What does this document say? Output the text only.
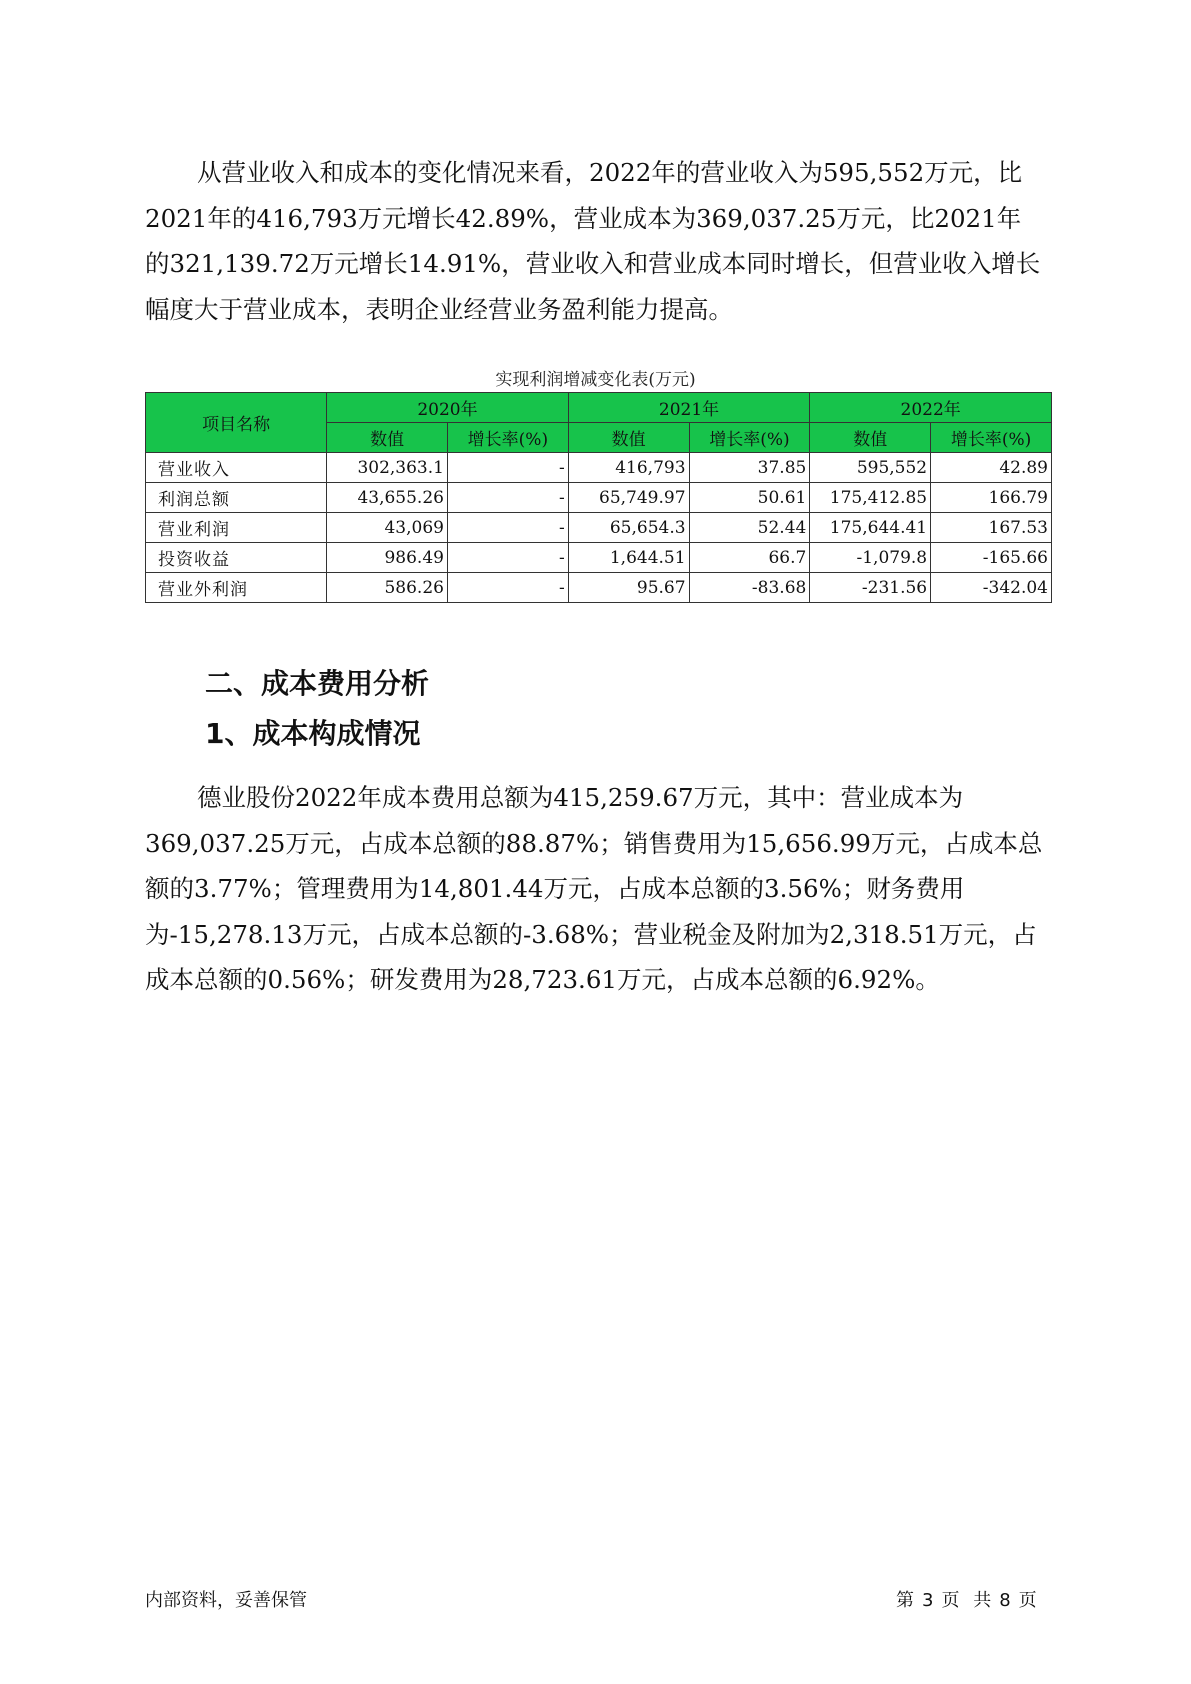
从营业收入和成本的变化情况来看，2022年的营业收入为595,552万元，比2021年的416,793万元增长42.89%，营业成本为369,037.25万元，比2021年的321,139.72万元增长14.91%，营业收入和营业成本同时增长，但营业收入增长幅度大于营业成本，表明企业经营业务盈利能力提高。

实现利润增减变化表(万元)
项目名称	2020年		2021年		2022年	
	数值	增长率(%)	数值	增长率(%)	数值	增长率(%)
营业收入	302,363.1	-	416,793	37.85	595,552	42.89
利润总额	43,655.26	-	65,749.97	50.61	175,412.85	166.79
营业利润	43,069	-	65,654.3	52.44	175,644.41	167.53
投资收益	986.49	-	1,644.51	66.7	-1,079.8	-165.66
营业外利润	586.26	-	95.67	-83.68	-231.56	-342.04
二、成本费用分析
1、成本构成情况

德业股份2022年成本费用总额为415,259.67万元，其中：营业成本为369,037.25万元，占成本总额的88.87%；销售费用为15,656.99万元，占成本总额的3.77%；管理费用为14,801.44万元，占成本总额的3.56%；财务费用为-15,278.13万元，占成本总额的-3.68%；营业税金及附加为2,318.51万元，占成本总额的0.56%；研发费用为28,723.61万元，占成本总额的6.92%。

内部资料，妥善保管	第 3 页 共 8 页
